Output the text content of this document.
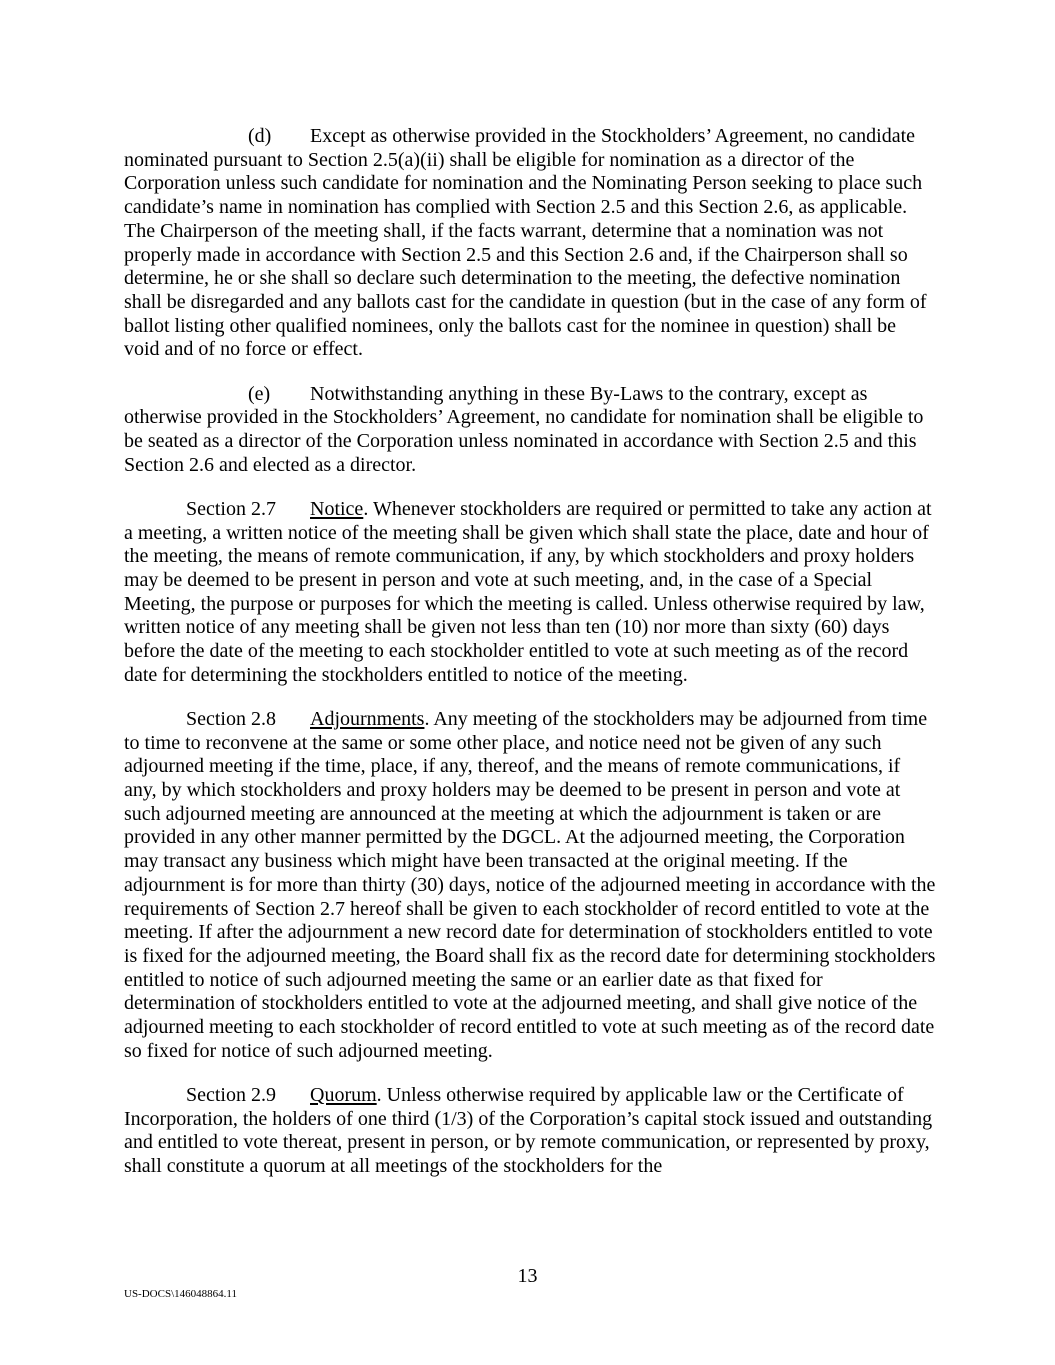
(d) Except as otherwise provided in the Stockholders’ Agreement, no candidate nominated pursuant to Section 2.5(a)(ii) shall be eligible for nomination as a director of the Corporation unless such candidate for nomination and the Nominating Person seeking to place such candidate’s name in nomination has complied with Section 2.5 and this Section 2.6, as applicable. The Chairperson of the meeting shall, if the facts warrant, determine that a nomination was not properly made in accordance with Section 2.5 and this Section 2.6 and, if the Chairperson shall so determine, he or she shall so declare such determination to the meeting, the defective nomination shall be disregarded and any ballots cast for the candidate in question (but in the case of any form of ballot listing other qualified nominees, only the ballots cast for the nominee in question) shall be void and of no force or effect.

(e) Notwithstanding anything in these By-Laws to the contrary, except as otherwise provided in the Stockholders’ Agreement, no candidate for nomination shall be eligible to be seated as a director of the Corporation unless nominated in accordance with Section 2.5 and this Section 2.6 and elected as a director.

Section 2.7 Notice. Whenever stockholders are required or permitted to take any action at a meeting, a written notice of the meeting shall be given which shall state the place, date and hour of the meeting, the means of remote communication, if any, by which stockholders and proxy holders may be deemed to be present in person and vote at such meeting, and, in the case of a Special Meeting, the purpose or purposes for which the meeting is called. Unless otherwise required by law, written notice of any meeting shall be given not less than ten (10) nor more than sixty (60) days before the date of the meeting to each stockholder entitled to vote at such meeting as of the record date for determining the stockholders entitled to notice of the meeting.

Section 2.8 Adjournments. Any meeting of the stockholders may be adjourned from time to time to reconvene at the same or some other place, and notice need not be given of any such adjourned meeting if the time, place, if any, thereof, and the means of remote communications, if any, by which stockholders and proxy holders may be deemed to be present in person and vote at such adjourned meeting are announced at the meeting at which the adjournment is taken or are provided in any other manner permitted by the DGCL. At the adjourned meeting, the Corporation may transact any business which might have been transacted at the original meeting. If the adjournment is for more than thirty (30) days, notice of the adjourned meeting in accordance with the requirements of Section 2.7 hereof shall be given to each stockholder of record entitled to vote at the meeting. If after the adjournment a new record date for determination of stockholders entitled to vote is fixed for the adjourned meeting, the Board shall fix as the record date for determining stockholders entitled to notice of such adjourned meeting the same or an earlier date as that fixed for determination of stockholders entitled to vote at the adjourned meeting, and shall give notice of the adjourned meeting to each stockholder of record entitled to vote at such meeting as of the record date so fixed for notice of such adjourned meeting.

Section 2.9 Quorum. Unless otherwise required by applicable law or the Certificate of Incorporation, the holders of one third (1/3) of the Corporation’s capital stock issued and outstanding and entitled to vote thereat, present in person, or by remote communication, or represented by proxy, shall constitute a quorum at all meetings of the stockholders for the

13
US-DOCS\146048864.11
